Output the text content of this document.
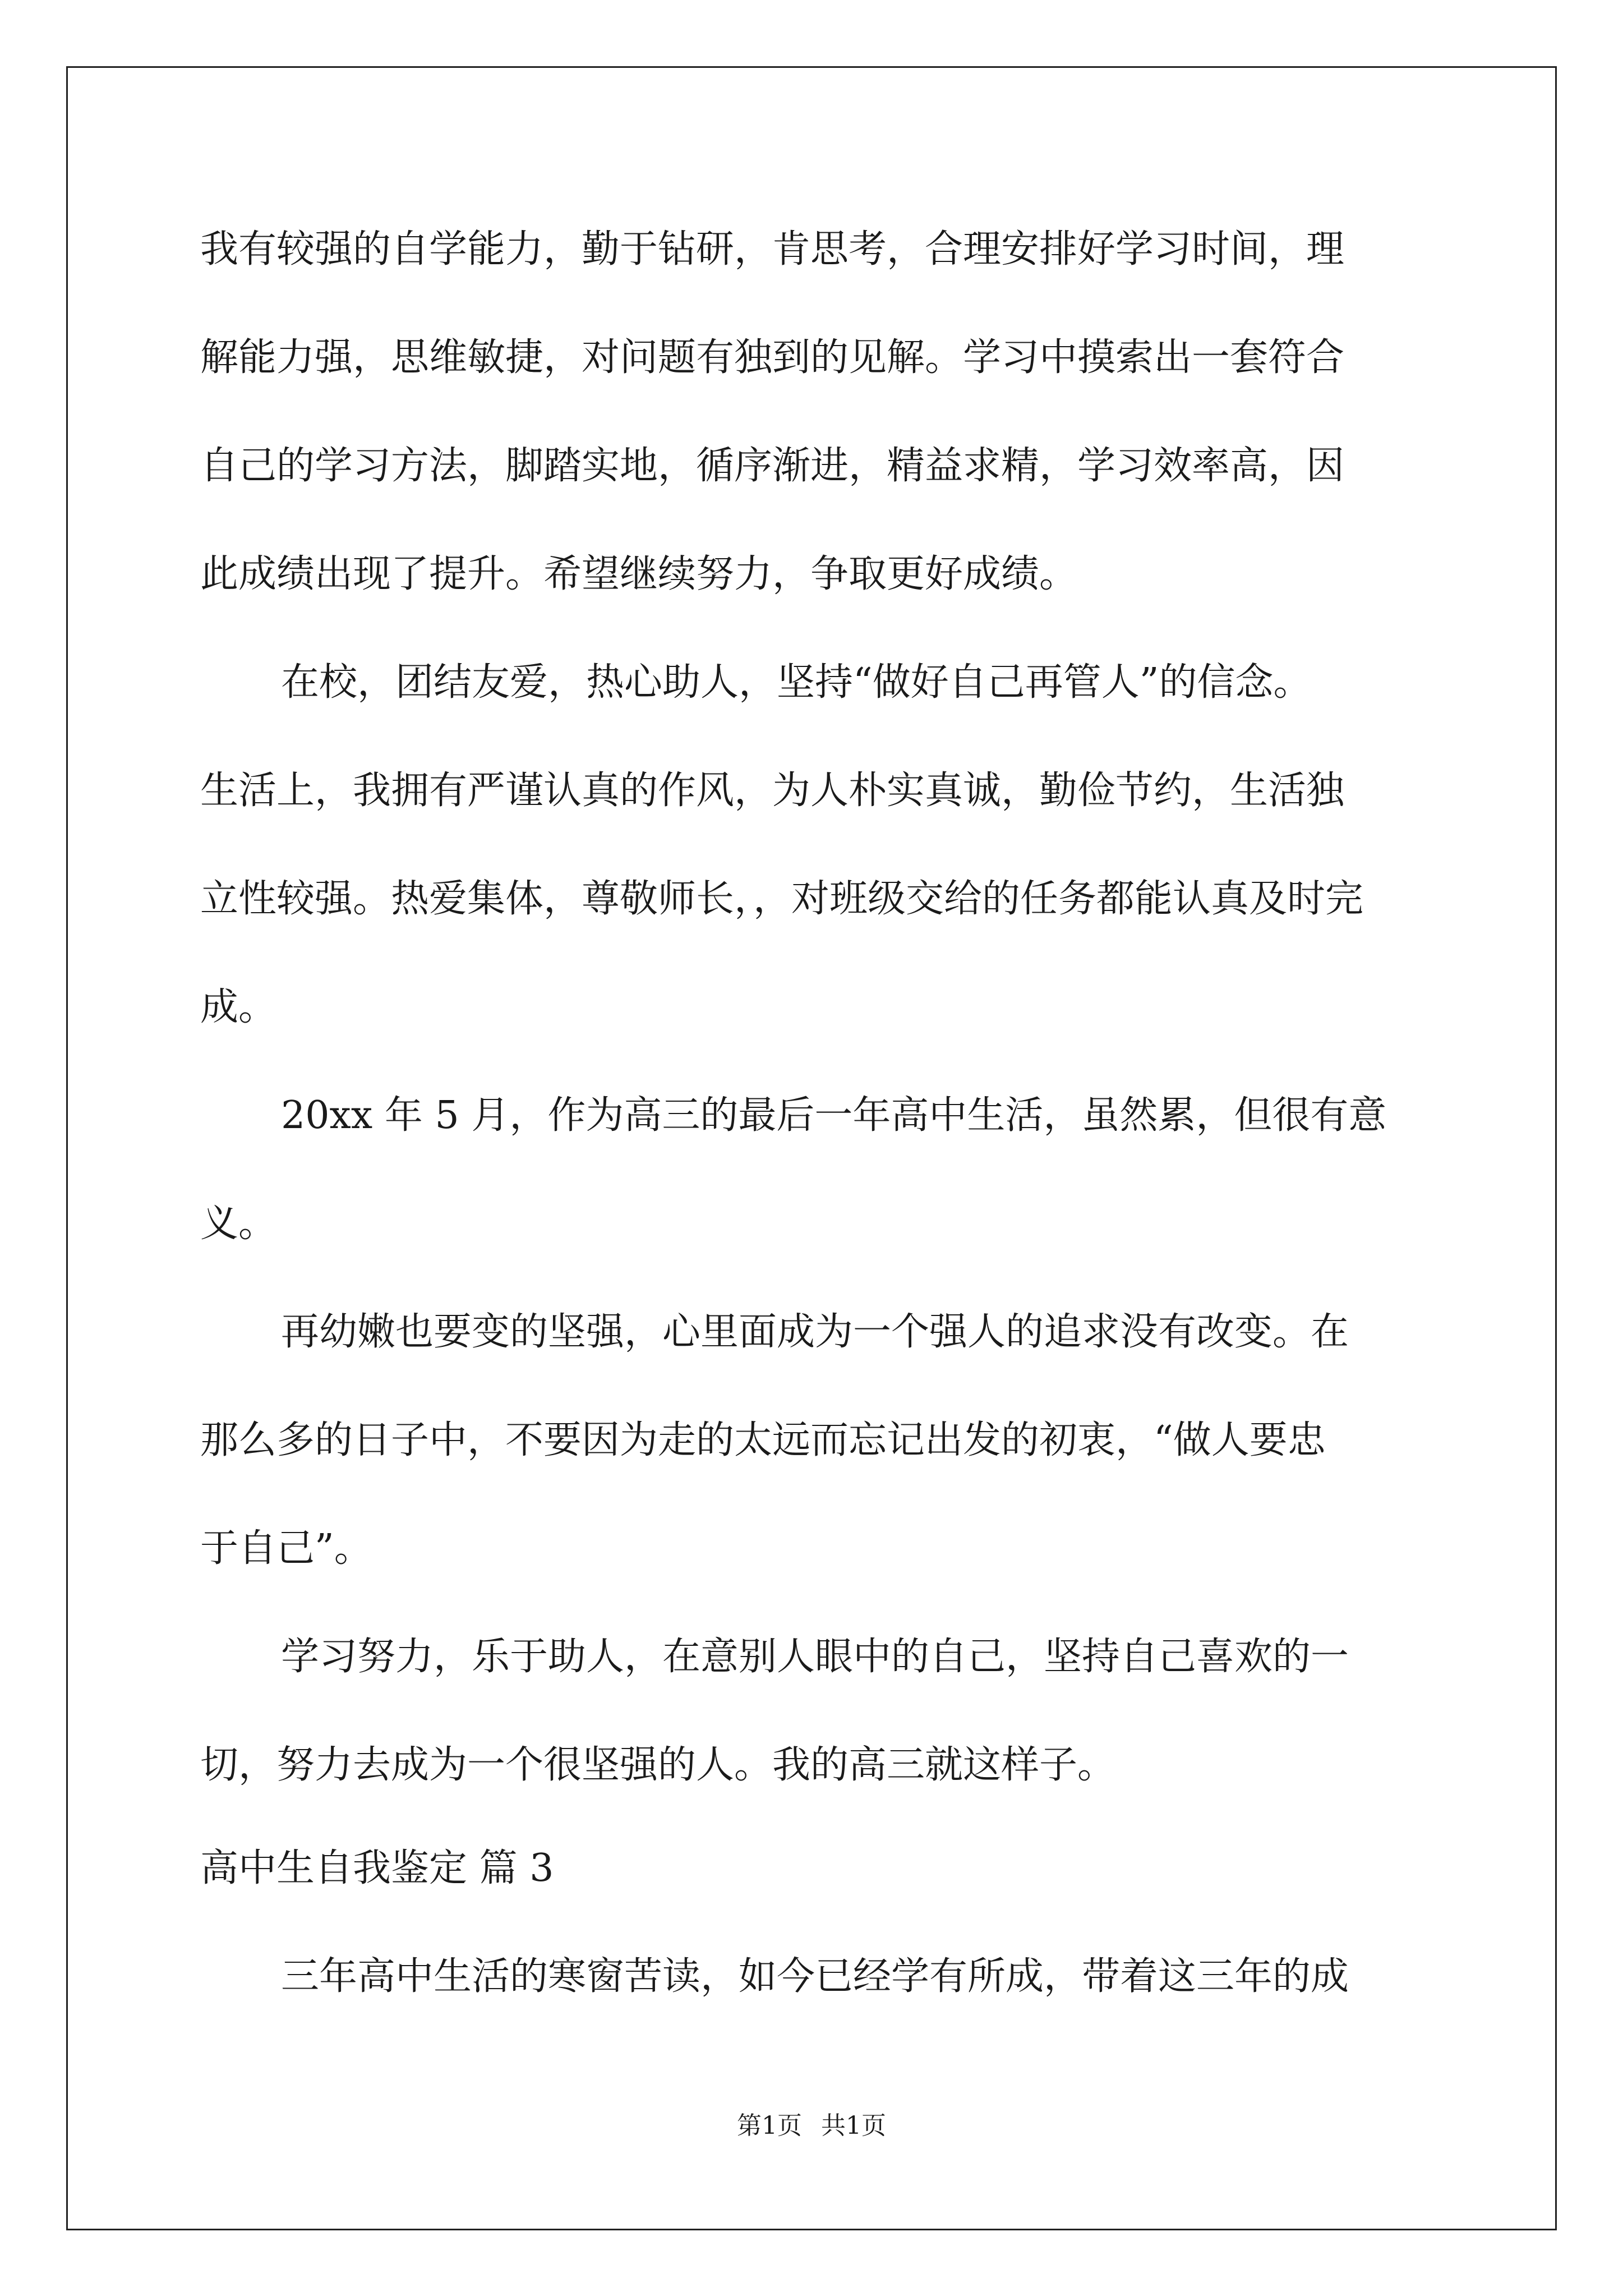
我有较强的自学能力，勤于钻研，肯思考，合理安排好学习时间，理
解能力强，思维敏捷，对问题有独到的见解。学习中摸索出一套符合
自己的学习方法，脚踏实地，循序渐进，精益求精，学习效率高，因
此成绩出现了提升。希望继续努力，争取更好成绩。
在校，团结友爱，热心助人，坚持“做好自己再管人”的信念。
生活上，我拥有严谨认真的作风，为人朴实真诚，勤俭节约，生活独
立性较强。热爱集体，尊敬师长，，对班级交给的任务都能认真及时完
成。
20xx 年 5 月，作为高三的最后一年高中生活，虽然累，但很有意
义。
再幼嫩也要变的坚强，心里面成为一个强人的追求没有改变。在
那么多的日子中，不要因为走的太远而忘记出发的初衷，“做人要忠
于自己”。
学习努力，乐于助人，在意别人眼中的自己，坚持自己喜欢的一
切，努力去成为一个很坚强的人。我的高三就这样子。
高中生自我鉴定 篇 3
三年高中生活的寒窗苦读，如今已经学有所成，带着这三年的成
第1页 共1页
